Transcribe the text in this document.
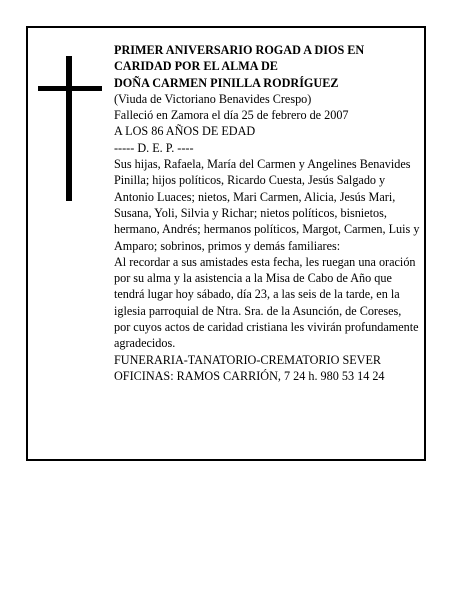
PRIMER ANIVERSARIO ROGAD A DIOS EN

CARIDAD POR EL ALMA DE

DOÑA CARMEN PINILLA RODRÍGUEZ

(Viuda de Victoriano Benavides Crespo)

Falleció en Zamora el día 25 de febrero de 2007

A LOS 86 AÑOS DE EDAD

----- D. E. P. ----

Sus hijas, Rafaela, María del Carmen y Angelines Benavides Pinilla; hijos políticos, Ricardo Cuesta, Jesús Salgado y Antonio Luaces; nietos, Mari Carmen, Alicia, Jesús Mari, Susana, Yoli, Silvia y Richar; nietos políticos, bisnietos, hermano, Andrés; hermanos políticos, Margot, Carmen, Luis y Amparo; sobrinos, primos y demás familiares:

Al recordar a sus amistades esta fecha, les ruegan una oración por su alma y la asistencia a la Misa de Cabo de Año que tendrá lugar hoy sábado, día 23, a las seis de la tarde, en la iglesia parroquial de Ntra. Sra. de la Asunción, de Coreses, por cuyos actos de caridad cristiana les vivirán profundamente agradecidos.

FUNERARIA-TANATORIO-CREMATORIO SEVER

OFICINAS: RAMOS CARRIÓN, 7 24 h. 980 53 14 24
